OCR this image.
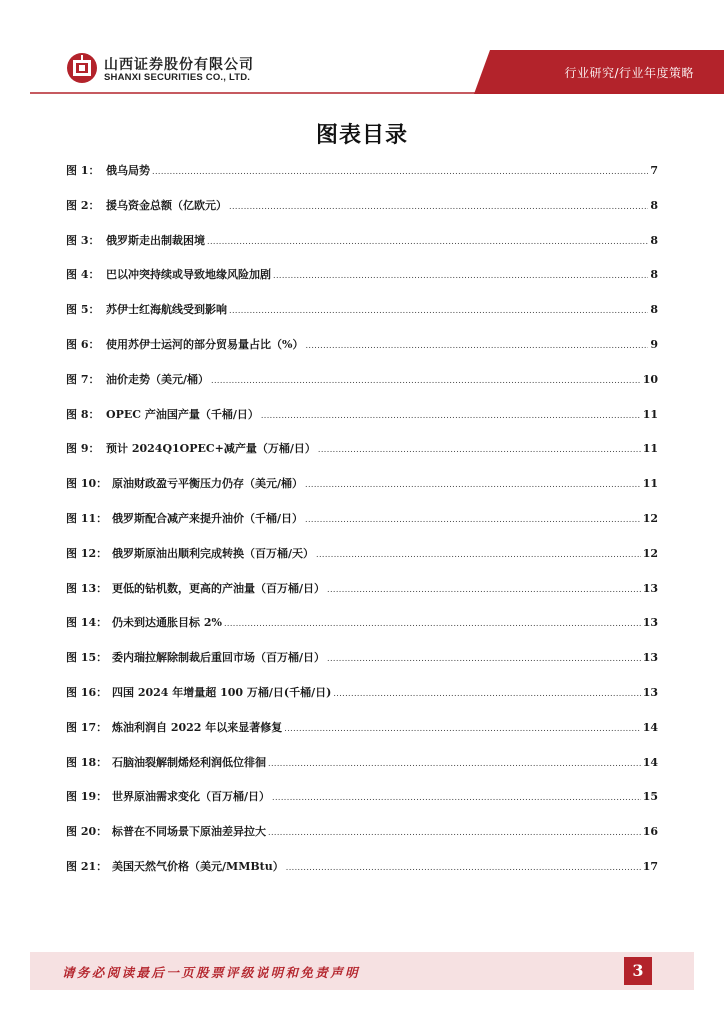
山西证券股份有限公司
SHANXI SECURITIES CO., LTD.	行业研究/行业年度策略
图表目录
图 1： 俄乌局势 .....	7
图 2： 援乌资金总额（亿欧元） .....	8
图 3： 俄罗斯走出制裁困境 .....	8
图 4： 巴以冲突持续或导致地缘风险加剧 .....	8
图 5： 苏伊士红海航线受到影响 .....	8
图 6： 使用苏伊士运河的部分贸易量占比（%） .....	9
图 7： 油价走势（美元/桶） .....	10
图 8： OPEC 产油国产量（千桶/日） .....	11
图 9： 预计 2024Q1OPEC+减产量（万桶/日） .....	11
图 10： 原油财政盈亏平衡压力仍存（美元/桶） .....	11
图 11： 俄罗斯配合减产来提升油价（千桶/日） .....	12
图 12： 俄罗斯原油出顺利完成转换（百万桶/天） .....	12
图 13： 更低的钻机数，更高的产油量（百万桶/日） .....	13
图 14： 仍未到达通胀目标 2% .....	13
图 15： 委内瑞拉解除制裁后重回市场（百万桶/日） .....	13
图 16： 四国 2024 年增量超 100 万桶/日(千桶/日) .....	13
图 17： 炼油利润自 2022 年以来显著修复 .....	14
图 18： 石脑油裂解制烯烃利润低位徘徊 .....	14
图 19： 世界原油需求变化（百万桶/日） .....	15
图 20： 标普在不同场景下原油差异拉大 .....	16
图 21： 美国天然气价格（美元/MMBtu） .....	17
请务必阅读最后一页股票评级说明和免责声明	3
